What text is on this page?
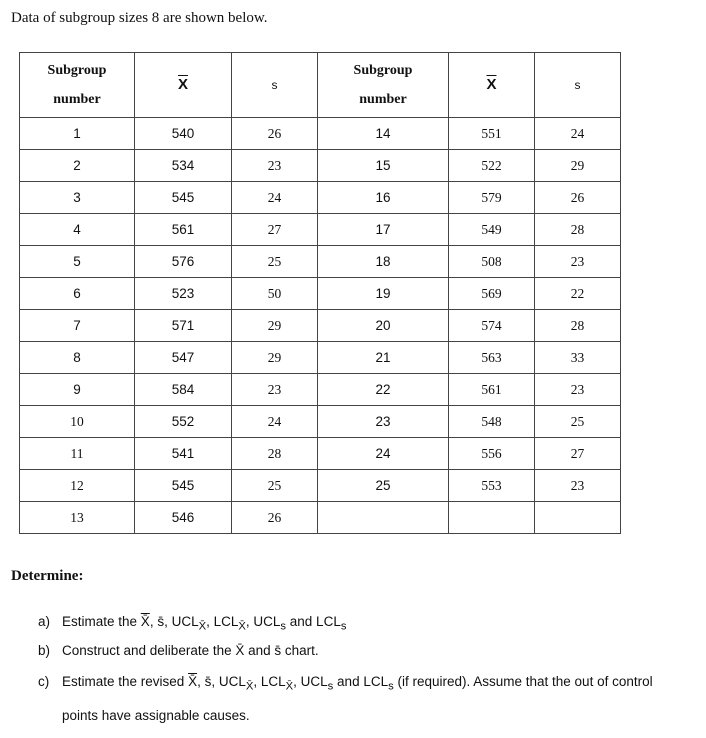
Data of subgroup sizes 8 are shown below.
Subgroup
number	$\overline{X}$	s	Subgroup
number	$\overline{X}$	s
1	540	26	14	551	24
2	534	23	15	522	29
3	545	24	16	579	26
4	561	27	17	549	28
5	576	25	18	508	23
6	523	50	19	569	22
7	571	29	20	574	28
8	547	29	21	563	33
9	584	23	22	561	23
10	552	24	23	548	25
11	541	28	24	556	27
12	545	25	25	553	23
13	546	26			
Determine:
a) Estimate the X̄, s̄, $UCL_{X̄}$, $LCL_{X̄}$, $UCL_s$ and $LCL_s$
b) Construct and deliberate the X̄ and s̄ chart.
c) Estimate the revised X̄, s̄, $UCL_{X̄}$, $LCL_{X̄}$, $UCL_s$ and $LCL_s$ (if required). Assume that the out of control
points have assignable causes.
